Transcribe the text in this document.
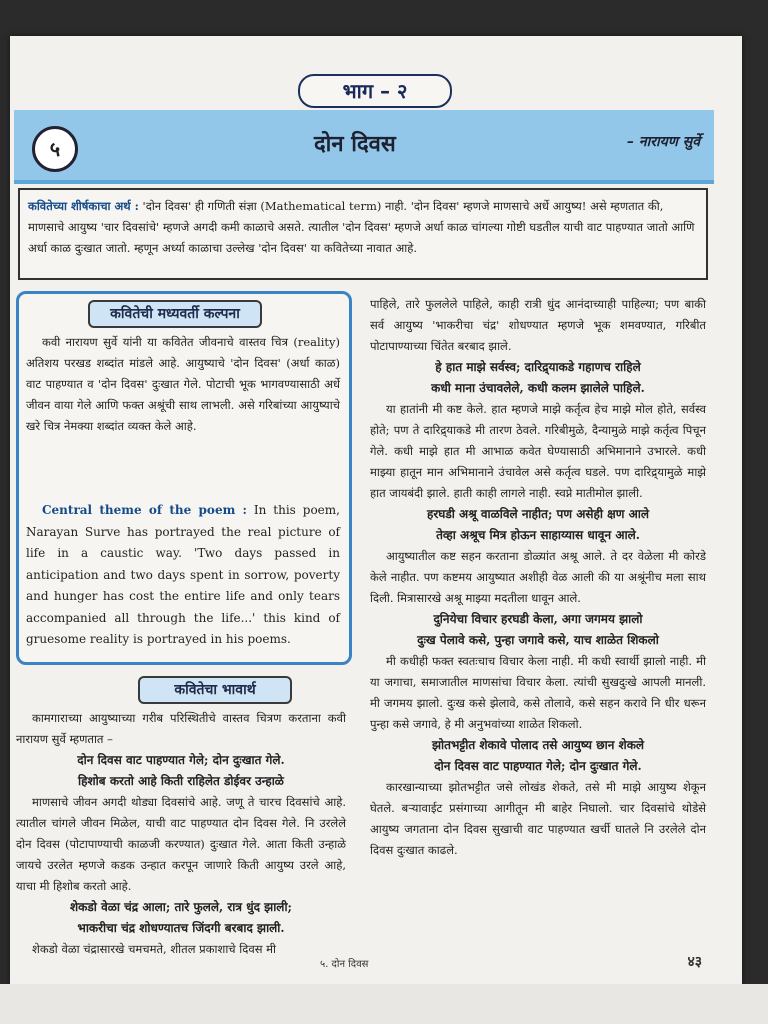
भाग – २
५	दोन दिवस	– नारायण सुर्वे
कवितेच्या शीर्षकाचा अर्थ : 'दोन दिवस' ही गणिती संज्ञा (Mathematical term) नाही. 'दोन दिवस' म्हणजे माणसाचे अर्धे आयुष्य! असे म्हणतात की, माणसाचे आयुष्य 'चार दिवसांचे' म्हणजे अगदी कमी काळाचे असते. त्यातील 'दोन दिवस' म्हणजे अर्धा काळ चांगल्या गोष्टी घडतील याची वाट पाहण्यात जातो आणि अर्धा काळ दुःखात जातो. म्हणून अर्ध्या काळाचा उल्लेख 'दोन दिवस' या कवितेच्या नावात आहे.
कवितेची मध्यवर्ती कल्पना
कवी नारायण सुर्वे यांनी या कवितेत जीवनाचे वास्तव चित्र (reality) अतिशय परखड शब्दांत मांडले आहे. आयुष्याचे 'दोन दिवस' (अर्धा काळ) वाट पाहण्यात व 'दोन दिवस' दुःखात गेले. पोटाची भूक भागवण्यासाठी अर्धे जीवन वाया गेले आणि फक्त अश्रूंची साथ लाभली. असे गरिबांच्या आयुष्याचे खरे चित्र नेमक्या शब्दांत व्यक्त केले आहे.
Central theme of the poem : In this poem, Narayan Surve has portrayed the real picture of life in a caustic way. 'Two days passed in anticipation and two days spent in sorrow, poverty and hunger has cost the entire life and only tears accompanied all through the life...' this kind of gruesome reality is portrayed in his poems.
कवितेचा भावार्थ

कामगाराच्या आयुष्याच्या गरीब परिस्थितीचे वास्तव चित्रण करताना कवी नारायण सुर्वे म्हणतात –

दोन दिवस वाट पाहण्यात गेले; दोन दुःखात गेले.

हिशोब करतो आहे किती राहिलेत डोईवर उन्हाळे

माणसाचे जीवन अगदी थोड्या दिवसांचे आहे. जणू ते चारच दिवसांचे आहे. त्यातील चांगले जीवन मिळेल, याची वाट पाहण्यात दोन दिवस गेले. नि उरलेले दोन दिवस (पोटापाण्याची काळजी करण्यात) दुःखात गेले. आता किती उन्हाळे जायचे उरलेत म्हणजे कडक उन्हात करपून जाणारे किती आयुष्य उरले आहे, याचा मी हिशोब करतो आहे.

शेकडो वेळा चंद्र आला; तारे फुलले, रात्र धुंद झाली;

भाकरीचा चंद्र शोधण्यातच जिंदगी बरबाद झाली.

शेकडो वेळा चंद्रासारखे चमचमते, शीतल प्रकाशाचे दिवस मी

पाहिले, तारे फुललेले पाहिले, काही रात्री धुंद आनंदाच्याही पाहिल्या; पण बाकी सर्व आयुष्य 'भाकरीचा चंद्र' शोधण्यात म्हणजे भूक शमवण्यात, गरिबीत पोटापाण्याच्या चिंतेत बरबाद झाले.

हे हात माझे सर्वस्व; दारिद्र्याकडे गहाणच राहिले

कधी माना उंचावलेले, कधी कलम झालेले पाहिले.

या हातांनी मी कष्ट केले. हात म्हणजे माझे कर्तृत्व हेच माझे मोल होते, सर्वस्व होते; पण ते दारिद्र्याकडे मी तारण ठेवले. गरिबीमुळे, दैन्यामुळे माझे कर्तृत्व पिचून गेले. कधी माझे हात मी आभाळ कवेत घेण्यासाठी अभिमानाने उभारले. कधी माझ्या हातून मान अभिमानाने उंचावेल असे कर्तृत्व घडले. पण दारिद्र्यामुळे माझे हात जायबंदी झाले. हाती काही लागले नाही. स्वप्ने मातीमोल झाली.

हरघडी अश्रू वाळविले नाहीत; पण असेही क्षण आले

तेव्हा अश्रूच मित्र होऊन साहाय्यास धावून आले.

आयुष्यातील कष्ट सहन करताना डोळ्यांत अश्रू आले. ते दर वेळेला मी कोरडे केले नाहीत. पण कष्टमय आयुष्यात अशीही वेळ आली की या अश्रूंनीच मला साथ दिली. मित्रासारखे अश्रू माझ्या मदतीला धावून आले.

दुनियेचा विचार हरघडी केला, अगा जगमय झालो

दुःख पेलावे कसे, पुन्हा जगावे कसे, याच शाळेत शिकलो

मी कधीही फक्त स्वतःचाच विचार केला नाही. मी कधी स्वार्थी झालो नाही. मी या जगाचा, समाजातील माणसांचा विचार केला. त्यांची सुखदुःखे आपली मानली. मी जगमय झालो. दुःख कसे झेलावे, कसे तोलावे, कसे सहन करावे नि धीर धरून पुन्हा कसे जगावे, हे मी अनुभवांच्या शाळेत शिकलो.

झोतभट्टीत शेकावे पोलाद तसे आयुष्य छान शेकले

दोन दिवस वाट पाहण्यात गेले; दोन दुःखात गेले.

कारखान्याच्या झोतभट्टीत जसे लोखंड शेकते, तसे मी माझे आयुष्य शेकून घेतले. बऱ्यावाईट प्रसंगाच्या आगीतून मी बाहेर निघालो. चार दिवसांचे थोडेसे आयुष्य जगताना दोन दिवस सुखाची वाट पाहण्यात खर्ची घातले नि उरलेले दोन दिवस दुःखात काढले.

५. दोन दिवस	४३
